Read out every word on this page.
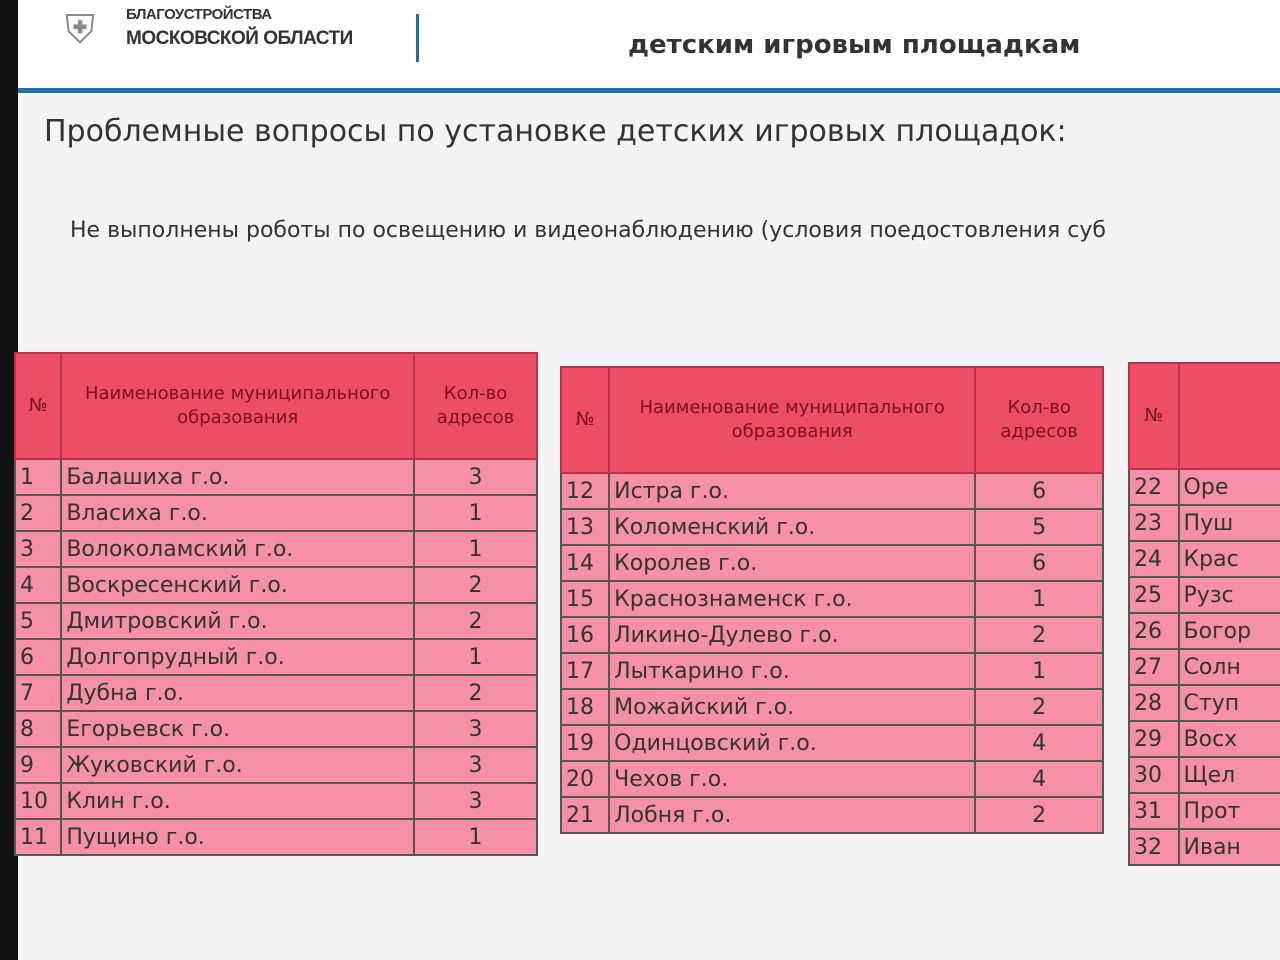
⛨	БЛАГОУСТРОЙСТВА
МОСКОВСКОЙ ОБЛАСТИ	детским игровым площадкам
Проблемные вопросы по установке детских игровых площадок:
Не выполнены роботы по освещению и видеонаблюдению (условия поедостовления суб
№	Наименование муниципального образования	Кол-во адресов
1	Балашиха г.о.	3
2	Власиха г.о.	1
3	Волоколамский г.о.	1
4	Воскресенский г.о.	2
5	Дмитровский г.о.	2
6	Долгопрудный г.о.	1
7	Дубна г.о.	2
8	Егорьевск г.о.	3
9	Жуковский г.о.	3
10	Клин г.о.	3
11	Пущино г.о.	1
№	Наименование муниципального образования	Кол-во адресов
12	Истра г.о.	6
13	Коломенский г.о.	5
14	Королев г.о.	6
15	Краснознаменск г.о.	1
16	Ликино-Дулево г.о.	2
17	Лыткарино г.о.	1
18	Можайский г.о.	2
19	Одинцовский г.о.	4
20	Чехов г.о.	4
21	Лобня г.о.	2
№	
22	Оре
23	Пуш
24	Крас
25	Рузс
26	Богор
27	Солн
28	Ступ
29	Восх
30	Щел
31	Прот
32	Иван
